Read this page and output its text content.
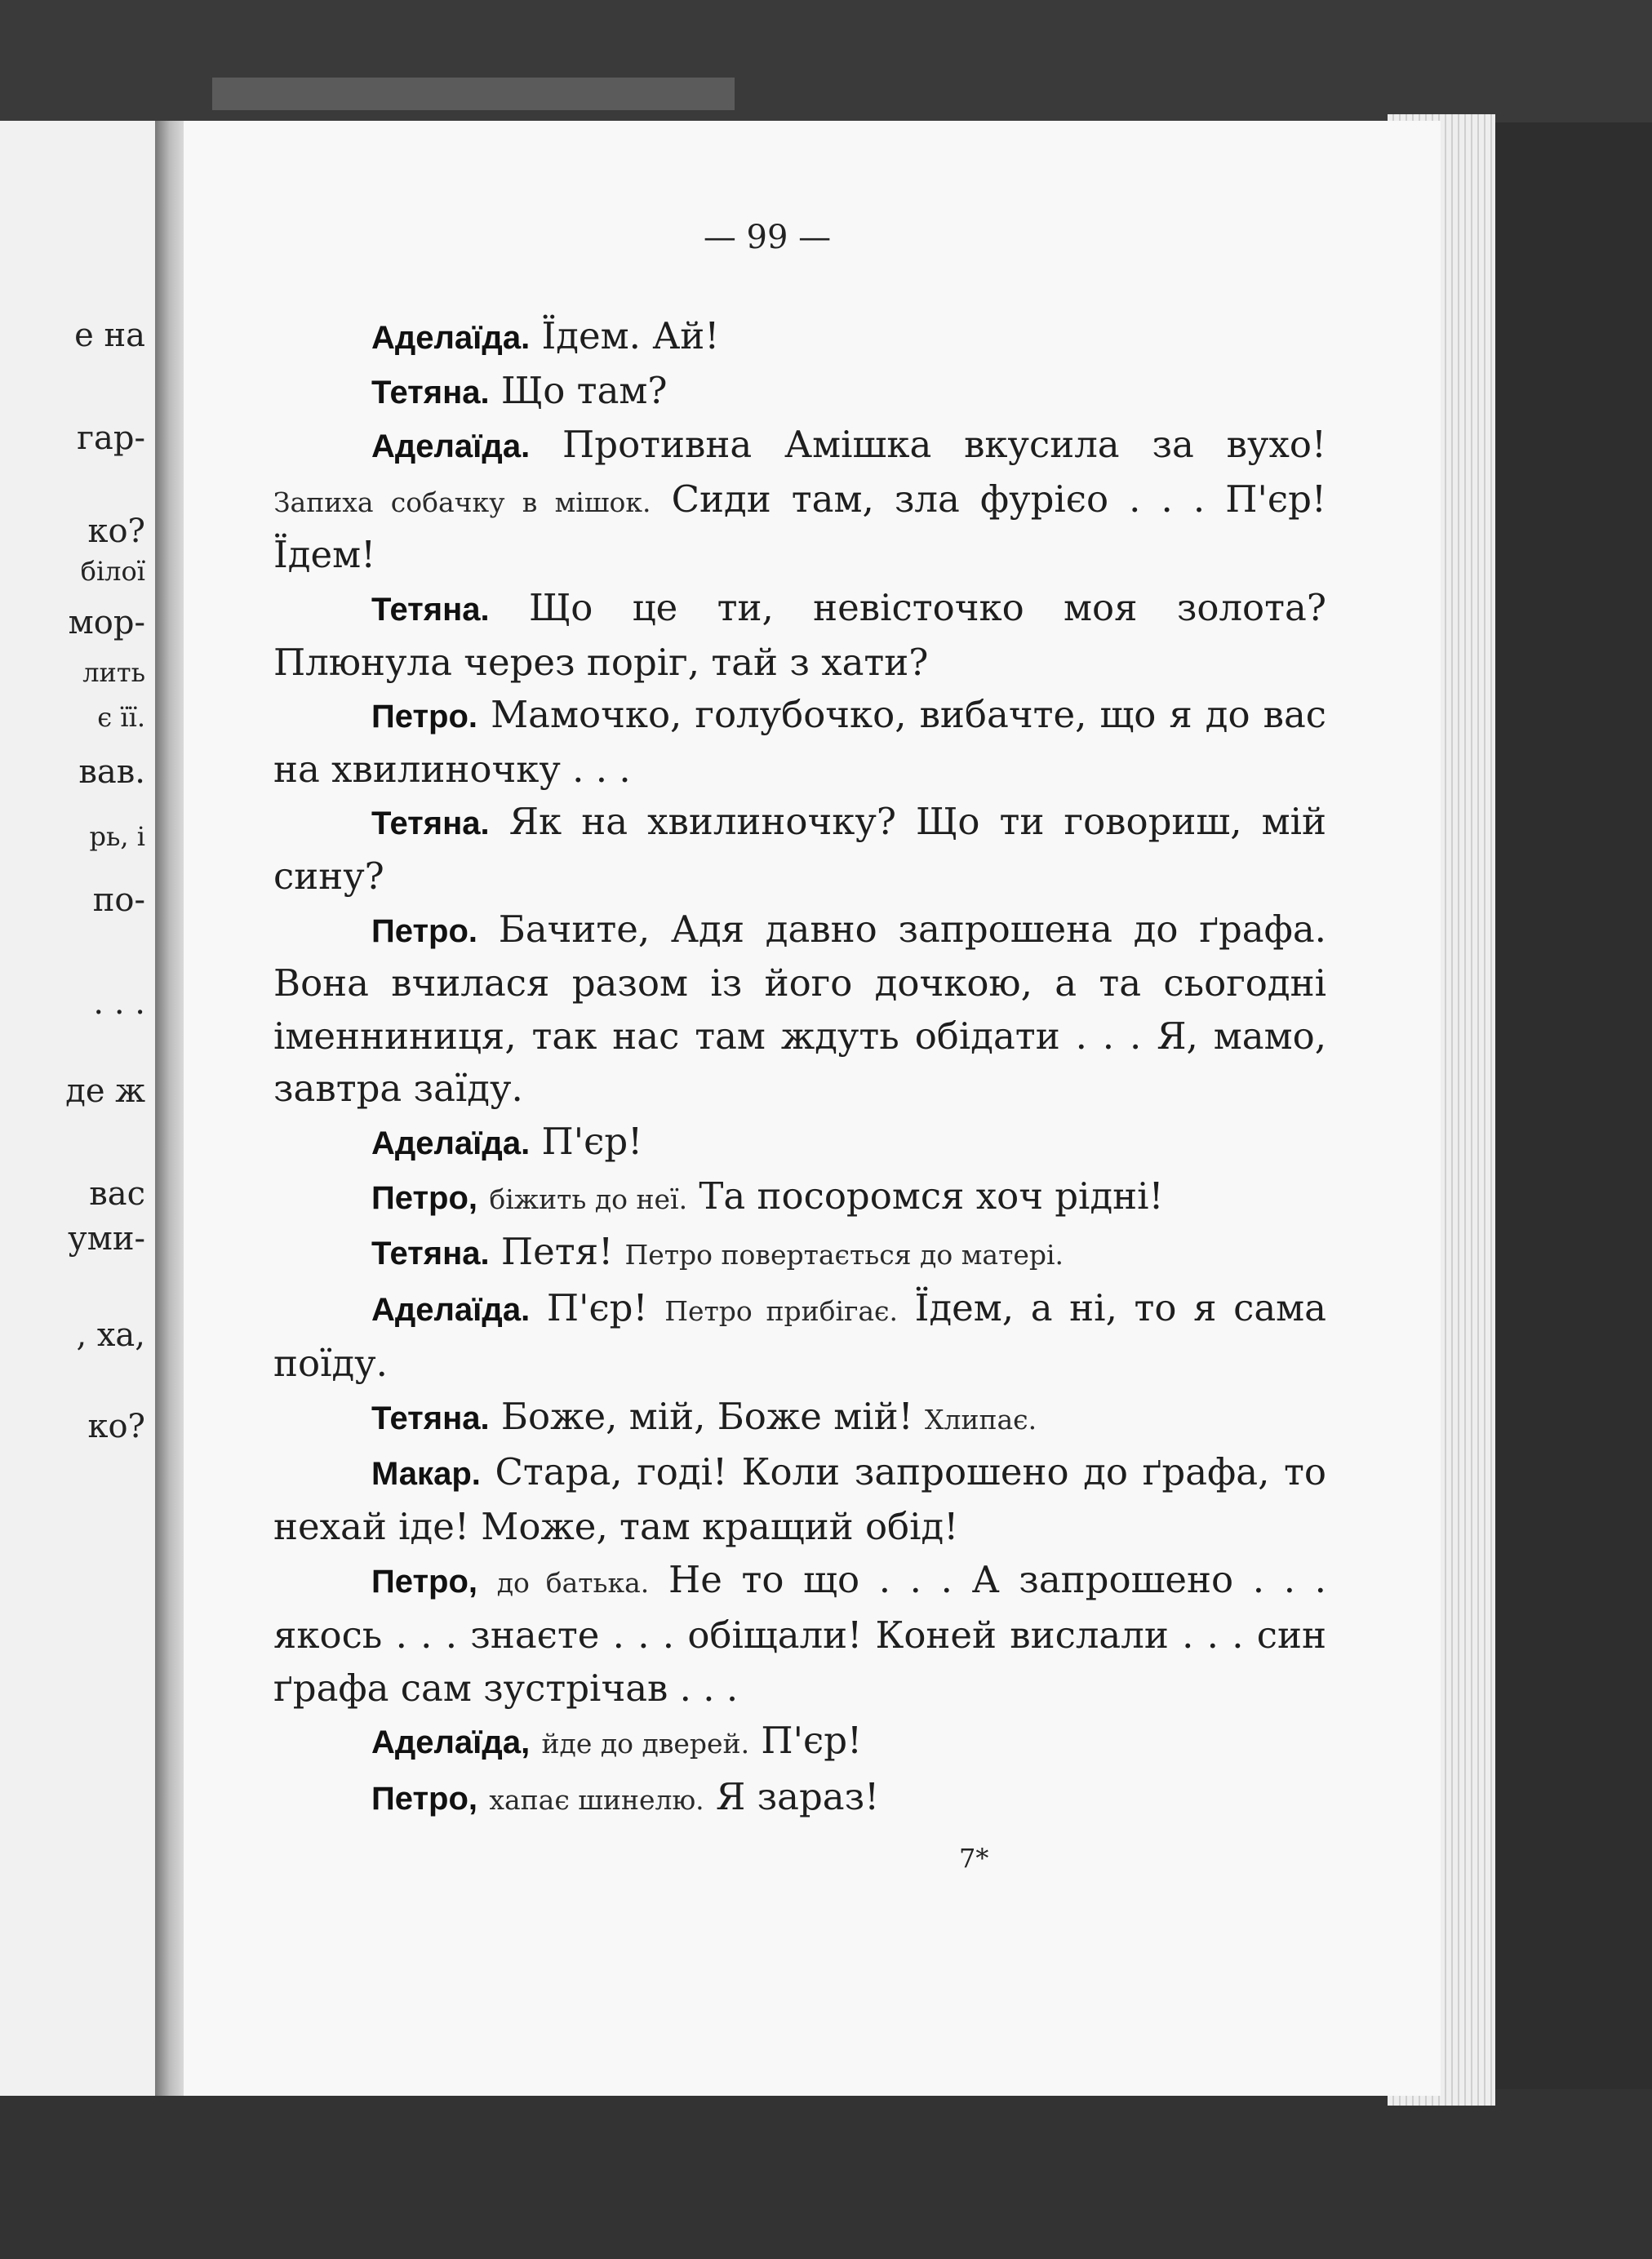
е на

гар-

ко?

білої

мор-

лить

є її.

вав.

рь, і

по-

. . .

де ж

вас

уми-

, ха,

ко?

— 99 —

Аделаїда. Їдем. Ай!

Тетяна. Що там?

Аделаїда. Противна Амішка вкусила за вухо! Запиха собачку в мішок. Сиди там, зла фурієо . . . П'єр! Їдем!

Тетяна. Що це ти, невісточко моя золота? Плюнула через поріг, тай з хати?

Петро. Мамочко, голубочко, вибачте, що я до вас на хвилиночку . . .

Тетяна. Як на хвилиночку? Що ти говориш, мій сину?

Петро. Бачите, Адя давно запрошена до ґрафа. Вона вчилася разом із його дочкою, а та сьогодні іменниниця, так нас там ждуть обідати . . . Я, мамо, завтра заїду.

Аделаїда. П'єр!

Петро, біжить до неї. Та посоромся хоч рідні!

Тетяна. Петя! Петро повертається до матері.

Аделаїда. П'єр! Петро прибігає. Їдем, а ні, то я сама поїду.

Тетяна. Боже, мій, Боже мій! Хлипає.

Макар. Стара, годі! Коли запрошено до ґрафа, то нехай іде! Може, там кращий обід!

Петро, до батька. Не то що . . . А запрошено . . . якось . . . знаєте . . . обіщали! Коней вислали . . . син ґрафа сам зустрічав . . .

Аделаїда, йде до дверей. П'єр!

Петро, хапає шинелю. Я зараз!

7*
